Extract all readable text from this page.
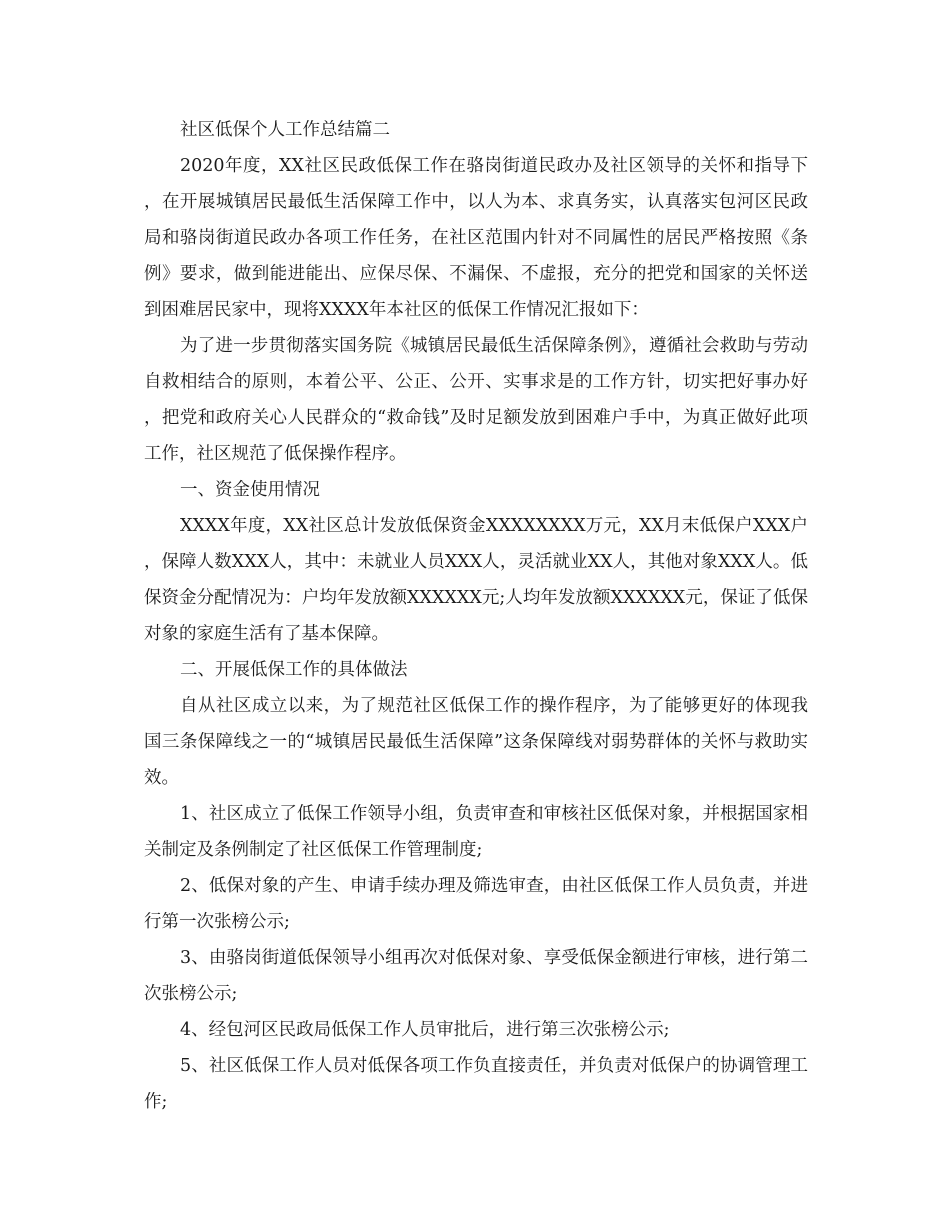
社区低保个人工作总结篇二

2020年度，XX社区民政低保工作在骆岗街道民政办及社区领导的关怀和指导下，在开展城镇居民最低生活保障工作中，以人为本、求真务实，认真落实包河区民政局和骆岗街道民政办各项工作任务，在社区范围内针对不同属性的居民严格按照《条例》要求，做到能进能出、应保尽保、不漏保、不虚报，充分的把党和国家的关怀送到困难居民家中，现将XXXX年本社区的低保工作情况汇报如下：

为了进一步贯彻落实国务院《城镇居民最低生活保障条例》，遵循社会救助与劳动自救相结合的原则，本着公平、公正、公开、实事求是的工作方针，切实把好事办好，把党和政府关心人民群众的“救命钱”及时足额发放到困难户手中，为真正做好此项工作，社区规范了低保操作程序。

一、资金使用情况

XXXX年度，XX社区总计发放低保资金XXXXXXXX万元，XX月末低保户XXX户，保障人数XXX人，其中：未就业人员XXX人，灵活就业XX人，其他对象XXX人。低保资金分配情况为：户均年发放额XXXXXX元;人均年发放额XXXXXX元，保证了低保对象的家庭生活有了基本保障。

二、开展低保工作的具体做法

自从社区成立以来，为了规范社区低保工作的操作程序，为了能够更好的体现我国三条保障线之一的“城镇居民最低生活保障”这条保障线对弱势群体的关怀与救助实效。

1、社区成立了低保工作领导小组，负责审查和审核社区低保对象，并根据国家相关制定及条例制定了社区低保工作管理制度;

2、低保对象的产生、申请手续办理及筛选审查，由社区低保工作人员负责，并进行第一次张榜公示;

3、由骆岗街道低保领导小组再次对低保对象、享受低保金额进行审核，进行第二次张榜公示;

4、经包河区民政局低保工作人员审批后，进行第三次张榜公示;

5、社区低保工作人员对低保各项工作负直接责任，并负责对低保户的协调管理工作;
